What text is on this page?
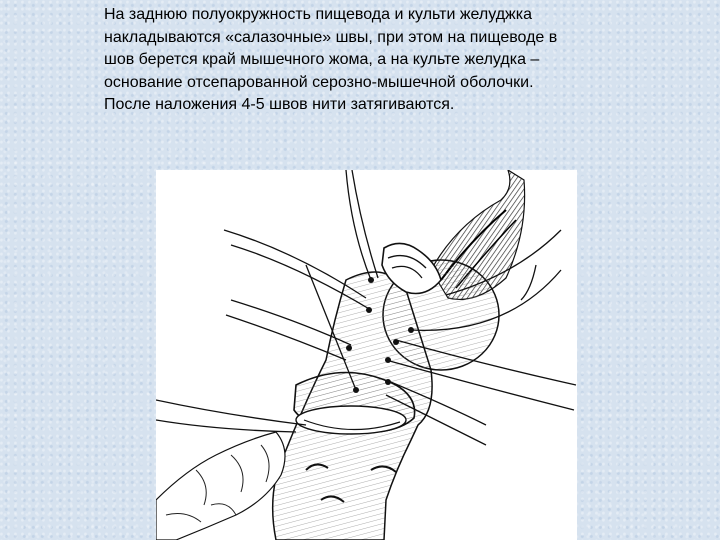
На заднюю полуокружность пищевода и культи желуджка
накладываются «салазочные» швы, при этом на пищеводе в
шов берется край мышечного жома, а на культе желудка –
основание отсепарованной серозно-мышечной оболочки.
После наложения 4-5 швов нити затягиваются.
